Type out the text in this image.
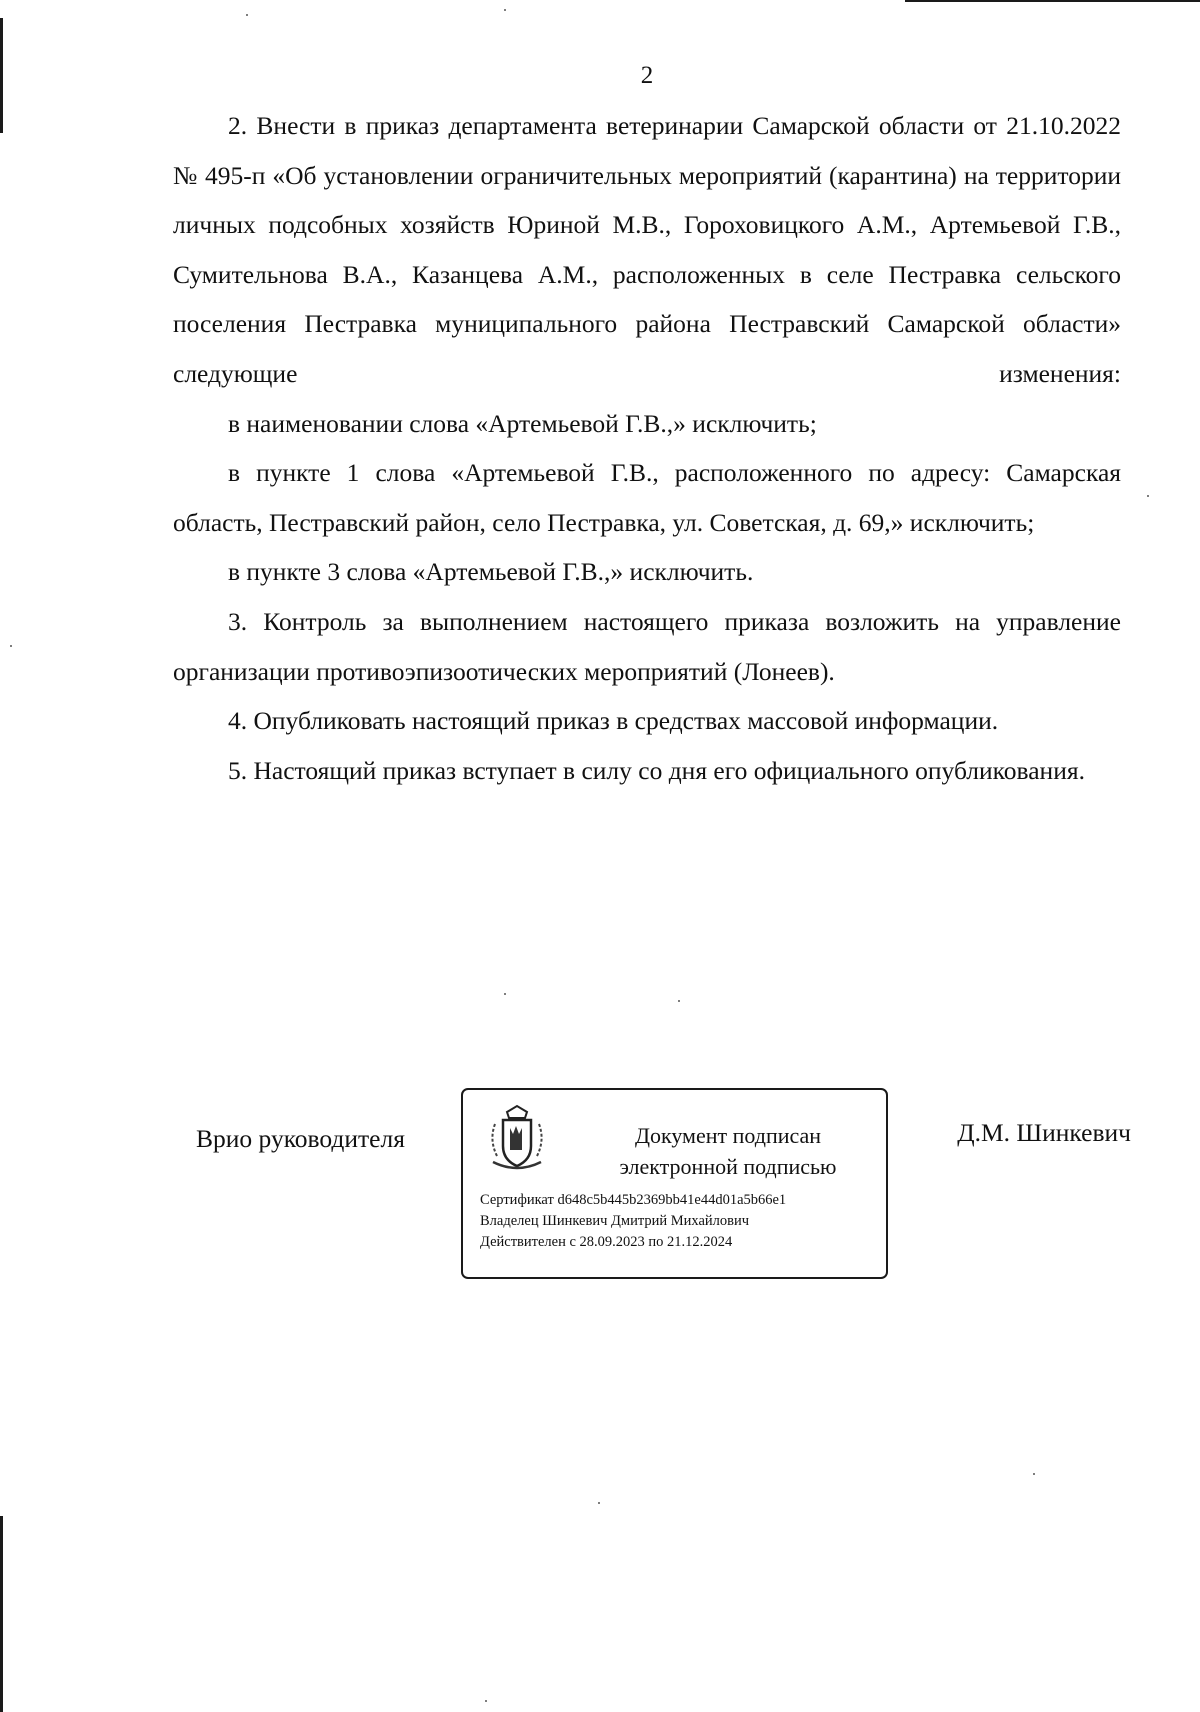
2

2. Внести в приказ департамента ветеринарии Самарской области от 21.10.2022 № 495-п «Об установлении ограничительных мероприятий (карантина) на территории личных подсобных хозяйств Юриной М.В., Гороховицкого А.М., Артемьевой Г.В., Сумительнова В.А., Казанцева А.М., расположенных в селе Пестравка сельского поселения Пестравка муниципального района Пестравский Самарской области» следующие изменения:

в наименовании слова «Артемьевой Г.В.,» исключить;

в пункте 1 слова «Артемьевой Г.В., расположенного по адресу: Самарская область, Пестравский район, село Пестравка, ул. Советская, д. 69,» исключить;

в пункте 3 слова «Артемьевой Г.В.,» исключить.

3. Контроль за выполнением настоящего приказа возложить на управление организации противоэпизоотических мероприятий (Лонеев).

4. Опубликовать настоящий приказ в средствах массовой информации.

5. Настоящий приказ вступает в силу со дня его официального опубликования.

Врио руководителя	Документ подписан
электронной подписью
Сертификат d648c5b445b2369bb41e44d01a5b66e1
Владелец Шинкевич Дмитрий Михайлович
Действителен с 28.09.2023 по 21.12.2024
Д.М. Шинкевич
